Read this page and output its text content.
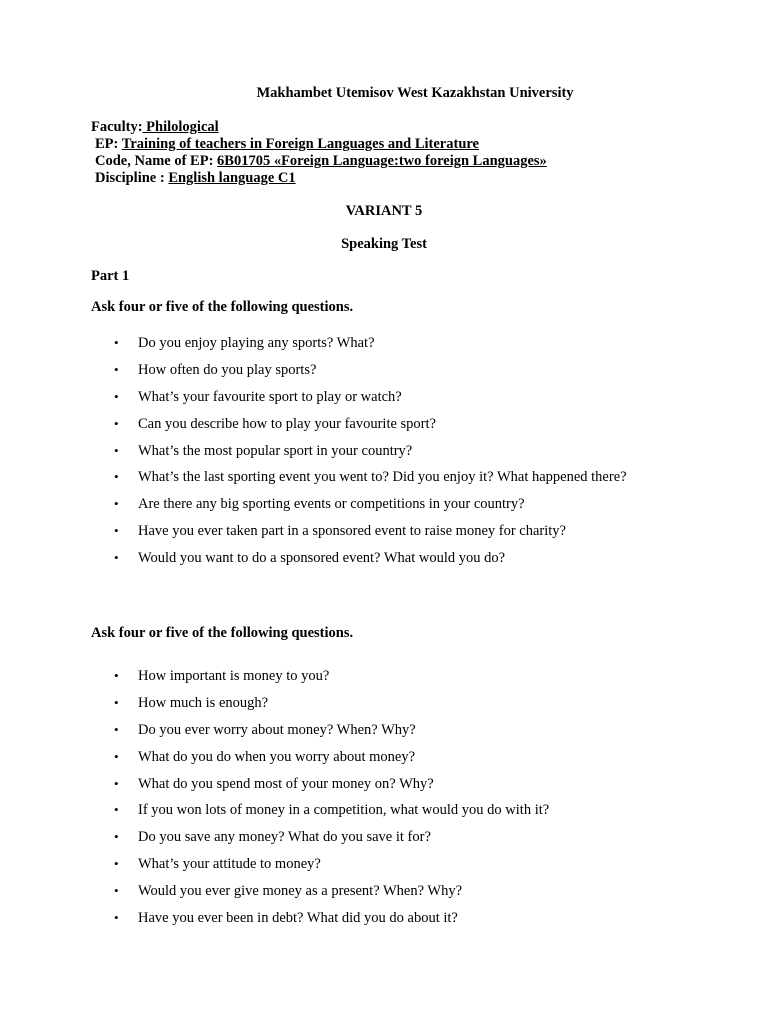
Makhambet Utemisov West Kazakhstan University
Faculty: Philological
EP: Training of teachers in Foreign Languages and Literature
Code, Name of EP: 6B01705 «Foreign Language:two foreign Languages»
Discipline : English language C1
VARIANT 5
Speaking Test
Part 1
Ask four or five of the following questions.
• Do you enjoy playing any sports? What?
• How often do you play sports?
• What’s your favourite sport to play or watch?
• Can you describe how to play your favourite sport?
• What’s the most popular sport in your country?
• What’s the last sporting event you went to? Did you enjoy it? What happened there?
• Are there any big sporting events or competitions in your country?
• Have you ever taken part in a sponsored event to raise money for charity?
• Would you want to do a sponsored event? What would you do?
Ask four or five of the following questions.
• How important is money to you?
• How much is enough?
• Do you ever worry about money? When? Why?
• What do you do when you worry about money?
• What do you spend most of your money on? Why?
• If you won lots of money in a competition, what would you do with it?
• Do you save any money? What do you save it for?
• What’s your attitude to money?
• Would you ever give money as a present? When? Why?
• Have you ever been in debt? What did you do about it?
